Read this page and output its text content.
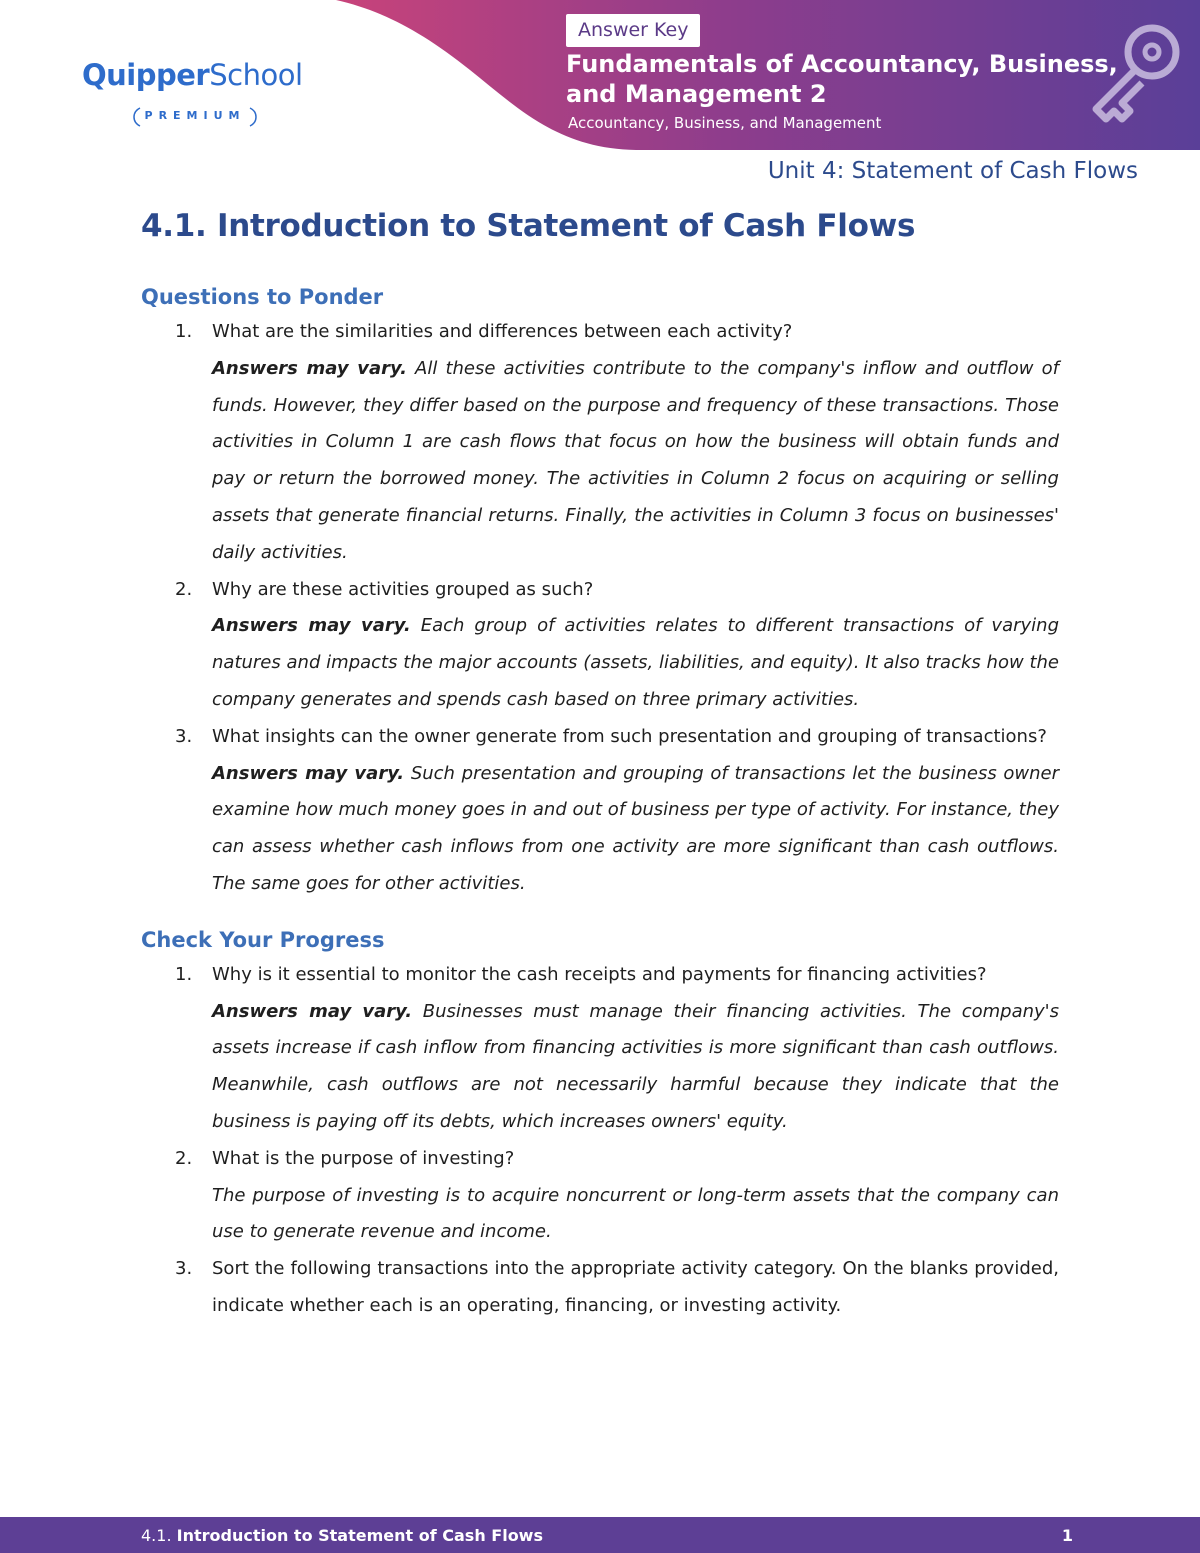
QuipperSchool
PREMIUM
Answer Key
Fundamentals of Accountancy, Business, and Management 2
Accountancy, Business, and Management
Unit 4: Statement of Cash Flows
4.1. Introduction to Statement of Cash Flows
Questions to Ponder
1. What are the similarities and differences between each activity?
Answers may vary. All these activities contribute to the company's inflow and outflow of funds. However, they differ based on the purpose and frequency of these transactions. Those activities in Column 1 are cash flows that focus on how the business will obtain funds and pay or return the borrowed money. The activities in Column 2 focus on acquiring or selling assets that generate financial returns. Finally, the activities in Column 3 focus on businesses' daily activities.
2. Why are these activities grouped as such?
Answers may vary. Each group of activities relates to different transactions of varying natures and impacts the major accounts (assets, liabilities, and equity). It also tracks how the company generates and spends cash based on three primary activities.
3. What insights can the owner generate from such presentation and grouping of transactions?
Answers may vary. Such presentation and grouping of transactions let the business owner examine how much money goes in and out of business per type of activity. For instance, they can assess whether cash inflows from one activity are more significant than cash outflows. The same goes for other activities.
Check Your Progress
1. Why is it essential to monitor the cash receipts and payments for financing activities?
Answers may vary. Businesses must manage their financing activities. The company's assets increase if cash inflow from financing activities is more significant than cash outflows. Meanwhile, cash outflows are not necessarily harmful because they indicate that the business is paying off its debts, which increases owners' equity.
2. What is the purpose of investing?
The purpose of investing is to acquire noncurrent or long-term assets that the company can use to generate revenue and income.
3. Sort the following transactions into the appropriate activity category. On the blanks provided, indicate whether each is an operating, financing, or investing activity.
4.1. Introduction to Statement of Cash Flows	1
